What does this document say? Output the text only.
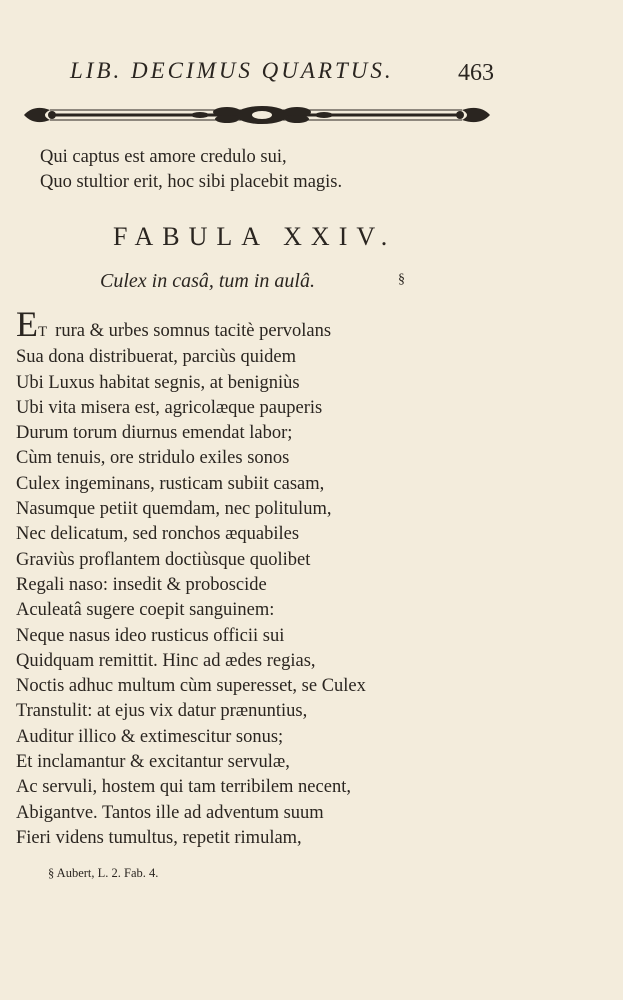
LIB. DECIMUS QUARTUS.	463
Qui captus est amore credulo sui,
Quo stultior erit, hoc sibi placebit magis.
FABULA XXIV.
Culex in casâ, tum in aulâ.	§
ET rura & urbes somnus tacitè pervolans
Sua dona distribuerat, parciùs quidem
Ubi Luxus habitat segnis, at benigniùs
Ubi vita misera est, agricolæque pauperis
Durum torum diurnus emendat labor;
Cùm tenuis, ore stridulo exiles sonos
Culex ingeminans, rusticam subiit casam,
Nasumque petiit quemdam, nec politulum,
Nec delicatum, sed ronchos æquabiles
Graviùs proflantem doctiùsque quolibet
Regali naso: insedit & proboscide
Aculeatâ sugere coepit sanguinem:
Neque nasus ideo rusticus officii sui
Quidquam remittit. Hinc ad ædes regias,
Noctis adhuc multum cùm superesset, se Culex
Transtulit: at ejus vix datur prænuntius,
Auditur illico & extimescitur sonus;
Et inclamantur & excitantur servulæ,
Ac servuli, hostem qui tam terribilem necent,
Abigantve. Tantos ille ad adventum suum
Fieri videns tumultus, repetit rimulam,
§ Aubert, L. 2. Fab. 4.
